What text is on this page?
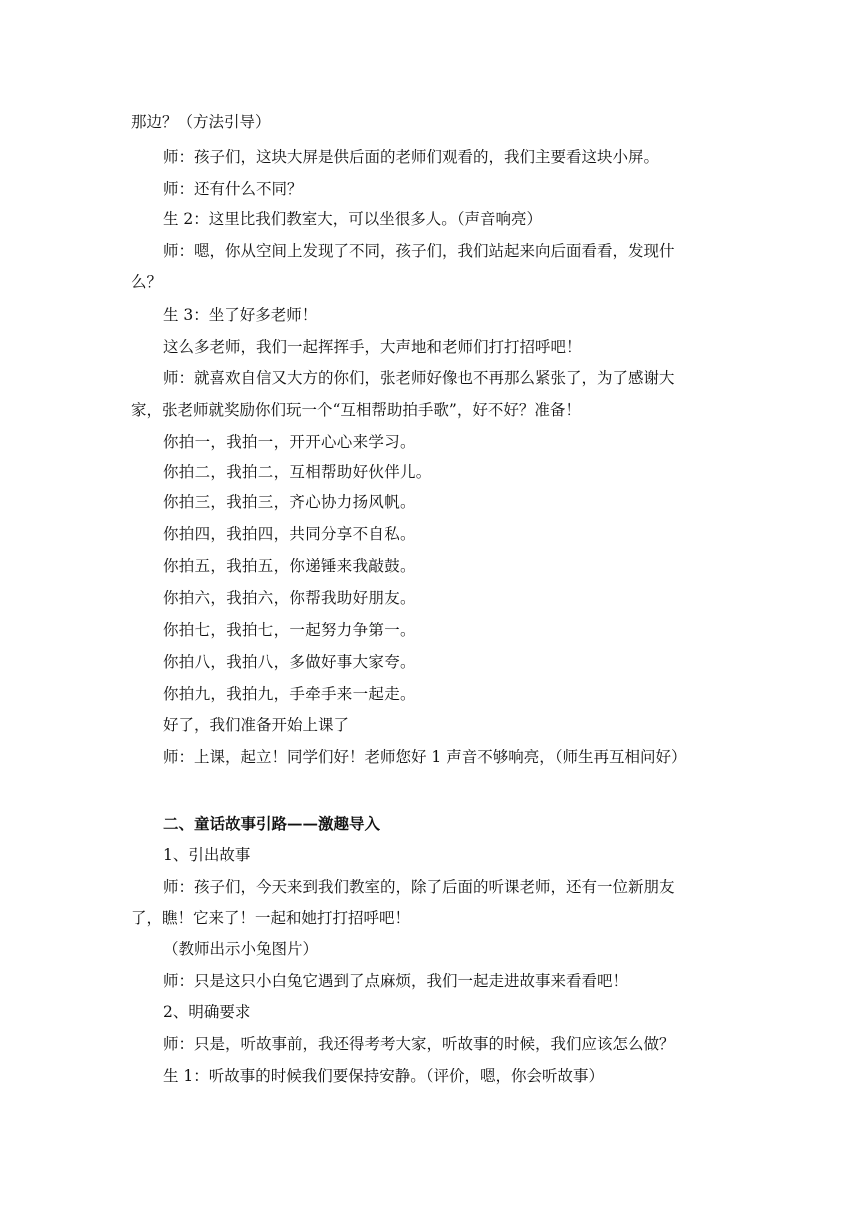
那边？（方法引导）
师：孩子们，这块大屏是供后面的老师们观看的，我们主要看这块小屏。
师：还有什么不同？
生 2：这里比我们教室大，可以坐很多人。（声音响亮）
师：嗯，你从空间上发现了不同，孩子们，我们站起来向后面看看，发现什
么？
生 3：坐了好多老师！
这么多老师，我们一起挥挥手，大声地和老师们打打招呼吧！
师：就喜欢自信又大方的你们，张老师好像也不再那么紧张了，为了感谢大
家，张老师就奖励你们玩一个“互相帮助拍手歌”，好不好？准备！
你拍一，我拍一，开开心心来学习。
你拍二，我拍二，互相帮助好伙伴儿。
你拍三，我拍三，齐心协力扬风帆。
你拍四，我拍四，共同分享不自私。
你拍五，我拍五，你递锤来我敲鼓。
你拍六，我拍六，你帮我助好朋友。
你拍七，我拍七，一起努力争第一。
你拍八，我拍八，多做好事大家夸。
你拍九，我拍九，手牵手来一起走。
好了，我们准备开始上课了
师：上课，起立！同学们好！老师您好 1 声音不够响亮，（师生再互相问好）
二、童话故事引路——激趣导入
1、引出故事
师：孩子们，今天来到我们教室的，除了后面的听课老师，还有一位新朋友
了，瞧！它来了！一起和她打打招呼吧！
（教师出示小兔图片）
师：只是这只小白兔它遇到了点麻烦，我们一起走进故事来看看吧！
2、明确要求
师：只是，听故事前，我还得考考大家，听故事的时候，我们应该怎么做？
生 1：听故事的时候我们要保持安静。（评价，嗯，你会听故事）
